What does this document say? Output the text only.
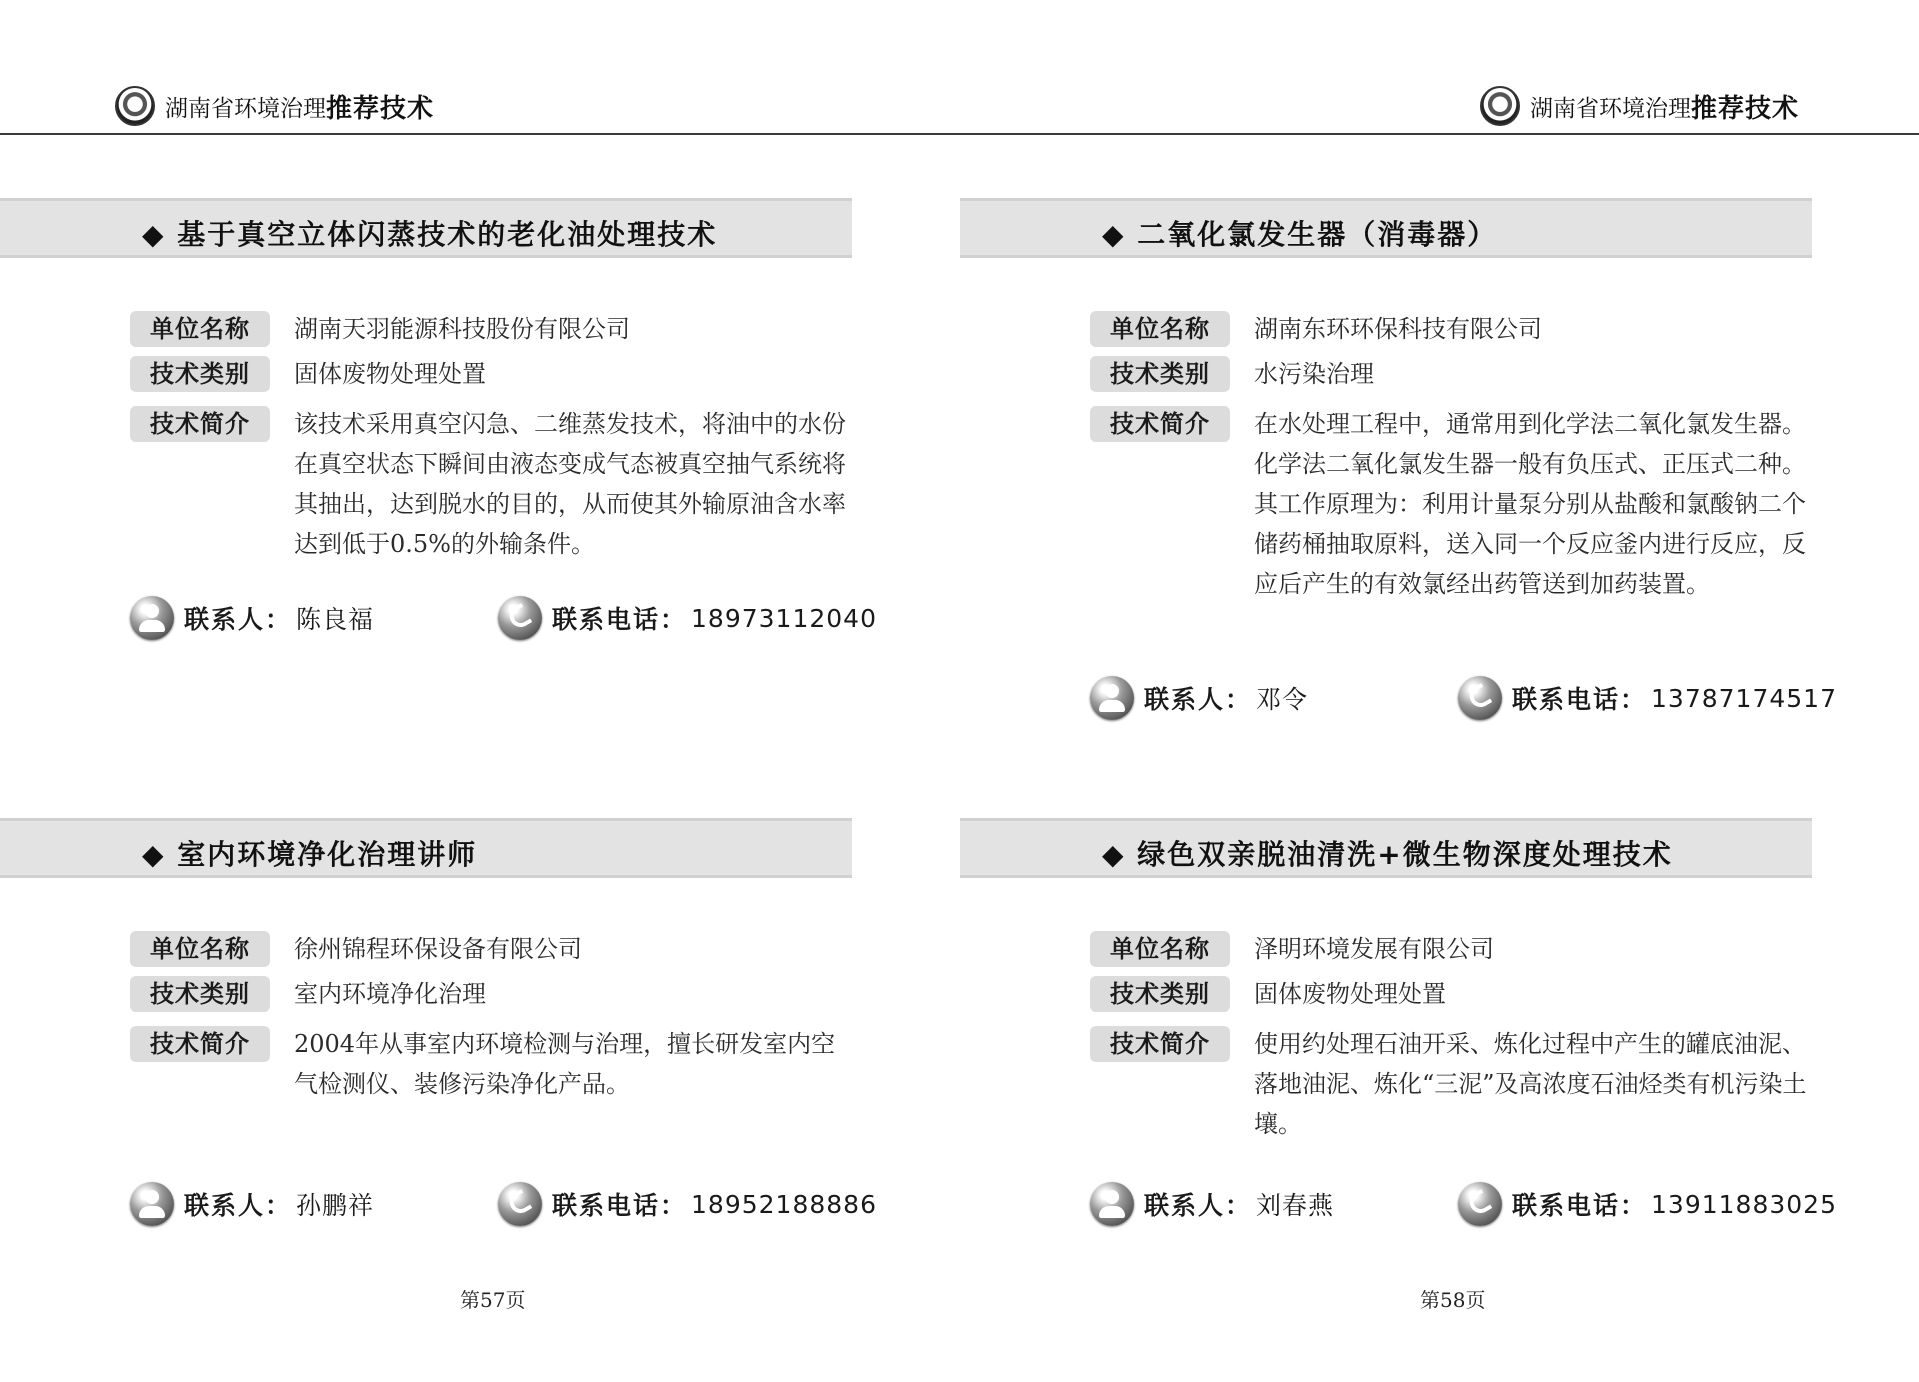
湖南省环境治理 推荐技术	湖南省环境治理 推荐技术
◆ 基于真空立体闪蒸技术的老化油处理技术
单位名称	湖南天羽能源科技股份有限公司
技术类别	固体废物处理处置
技术简介	该技术采用真空闪急、二维蒸发技术，将油中的水份在真空状态下瞬间由液态变成气态被真空抽气系统将其抽出，达到脱水的目的，从而使其外输原油含水率达到低于0.5%的外输条件。
联系人： 陈良福	联系电话： 18973112040
◆ 二氧化氯发生器（消毒器）
单位名称	湖南东环环保科技有限公司
技术类别	水污染治理
技术简介	在水处理工程中，通常用到化学法二氧化氯发生器。化学法二氧化氯发生器一般有负压式、正压式二种。其工作原理为：利用计量泵分别从盐酸和氯酸钠二个储药桶抽取原料，送入同一个反应釜内进行反应，反应后产生的有效氯经出药管送到加药装置。
联系人： 邓令	联系电话： 13787174517
◆ 室内环境净化治理讲师
单位名称	徐州锦程环保设备有限公司
技术类别	室内环境净化治理
技术简介	2004年从事室内环境检测与治理，擅长研发室内空气检测仪、装修污染净化产品。
联系人： 孙鹏祥	联系电话： 18952188886
◆ 绿色双亲脱油清洗+微生物深度处理技术
单位名称	泽明环境发展有限公司
技术类别	固体废物处理处置
技术简介	使用约处理石油开采、炼化过程中产生的罐底油泥、落地油泥、炼化“三泥”及高浓度石油烃类有机污染土壤。
联系人： 刘春燕	联系电话： 13911883025
第57页	第58页
